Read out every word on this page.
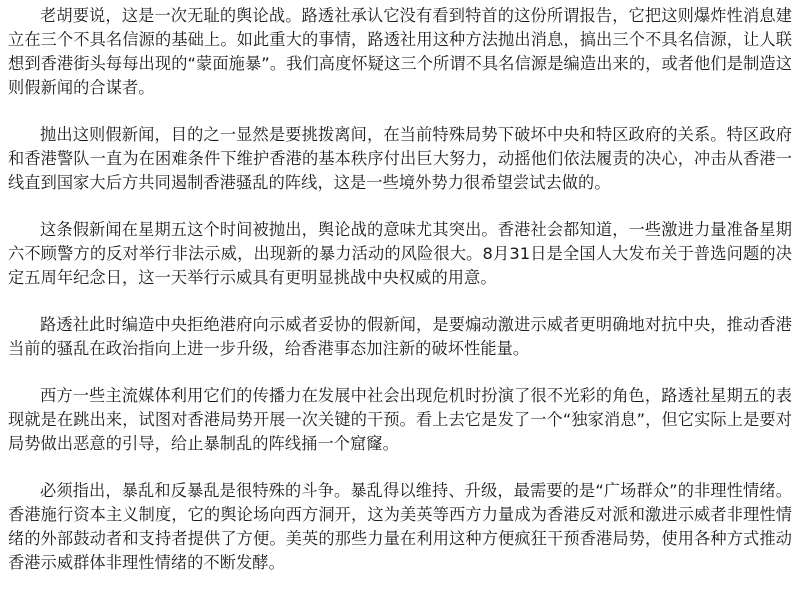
老胡要说，这是一次无耻的舆论战。路透社承认它没有看到特首的这份所谓报告，它把这则爆炸性消息建立在三个不具名信源的基础上。如此重大的事情，路透社用这种方法抛出消息，搞出三个不具名信源，让人联想到香港街头每每出现的“蒙面施暴”。我们高度怀疑这三个所谓不具名信源是编造出来的，或者他们是制造这则假新闻的合谋者。

抛出这则假新闻，目的之一显然是要挑拨离间，在当前特殊局势下破坏中央和特区政府的关系。特区政府和香港警队一直为在困难条件下维护香港的基本秩序付出巨大努力，动摇他们依法履责的决心，冲击从香港一线直到国家大后方共同遏制香港骚乱的阵线，这是一些境外势力很希望尝试去做的。

这条假新闻在星期五这个时间被抛出，舆论战的意味尤其突出。香港社会都知道，一些激进力量准备星期六不顾警方的反对举行非法示威，出现新的暴力活动的风险很大。8月31日是全国人大发布关于普选问题的决定五周年纪念日，这一天举行示威具有更明显挑战中央权威的用意。

路透社此时编造中央拒绝港府向示威者妥协的假新闻，是要煽动激进示威者更明确地对抗中央，推动香港当前的骚乱在政治指向上进一步升级，给香港事态加注新的破坏性能量。

西方一些主流媒体利用它们的传播力在发展中社会出现危机时扮演了很不光彩的角色，路透社星期五的表现就是在跳出来，试图对香港局势开展一次关键的干预。看上去它是发了一个“独家消息”，但它实际上是要对局势做出恶意的引导，给止暴制乱的阵线捅一个窟窿。

必须指出，暴乱和反暴乱是很特殊的斗争。暴乱得以维持、升级，最需要的是“广场群众”的非理性情绪。香港施行资本主义制度，它的舆论场向西方洞开，这为美英等西方力量成为香港反对派和激进示威者非理性情绪的外部鼓动者和支持者提供了方便。美英的那些力量在利用这种方便疯狂干预香港局势，使用各种方式推动香港示威群体非理性情绪的不断发酵。
